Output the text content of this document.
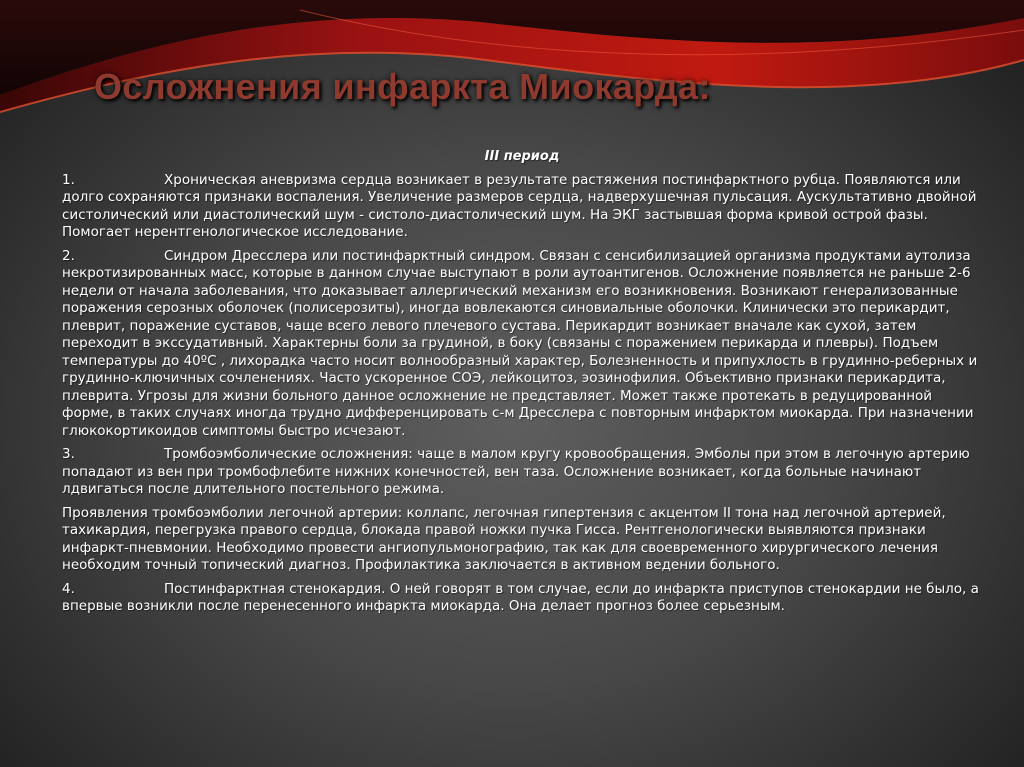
Осложнения инфаркта Миокарда:

III период

1.	Хроническая аневризма сердца возникает в результате растяжения постинфарктного рубца. Появляются или долго сохраняются признаки воспаления. Увеличение размеров сердца, надверхушечная пульсация. Аускультативно двойной систолический или диастолический шум - систоло-диастолический шум. На ЭКГ застывшая форма кривой острой фазы. Помогает нерентгенологическое исследование.

2.	Синдром Дресслера или постинфарктный синдром. Связан с сенсибилизацией организма продуктами аутолиза некротизированных масс, которые в данном случае выступают в роли аутоантигенов. Осложнение появляется не раньше 2-6 недели от начала заболевания, что доказывает аллергический механизм его возникновения. Возникают генерализованные поражения серозных оболочек (полисерозиты), иногда вовлекаются синовиальные оболочки. Клинически это перикардит, плеврит, поражение суставов, чаще всего левого плечевого сустава. Перикардит возникает вначале как сухой, затем переходит в экссудативный. Характерны боли за грудиной, в боку (связаны с поражением перикарда и плевры). Подъем температуры до 40ºС , лихорадка часто носит волнообразный характер, Болезненность и припухлость в грудинно-реберных и грудинно-ключичных сочленениях. Часто ускоренное СОЭ, лейкоцитоз, эозинофилия. Объективно признаки перикардита, плеврита. Угрозы для жизни больного данное осложнение не представляет. Может также протекать в редуцированной форме, в таких случаях иногда трудно дифференцировать с-м Дресслера с повторным инфарктом миокарда. При назначении глюкокортикоидов симптомы быстро исчезают.

3.	Тромбоэмболические осложнения: чаще в малом кругу кровообращения. Эмболы при этом в легочную артерию попадают из вен при тромбофлебите нижних конечностей, вен таза. Осложнение возникает, когда больные начинают лдвигаться после длительного постельного режима.

Проявления тромбоэмболии легочной артерии: коллапс, легочная гипертензия с акцентом II тона над легочной артерией, тахикардия, перегрузка правого сердца, блокада правой ножки пучка Гисса. Рентгенологически выявляются признаки инфаркт-пневмонии. Необходимо провести ангиопульмонографию, так как для своевременного хирургического лечения необходим точный топический диагноз. Профилактика заключается в активном ведении больного.

4.	Постинфарктная стенокардия. О ней говорят в том случае, если до инфаркта приступов стенокардии не было, а впервые возникли после перенесенного инфаркта миокарда. Она делает прогноз более серьезным.
